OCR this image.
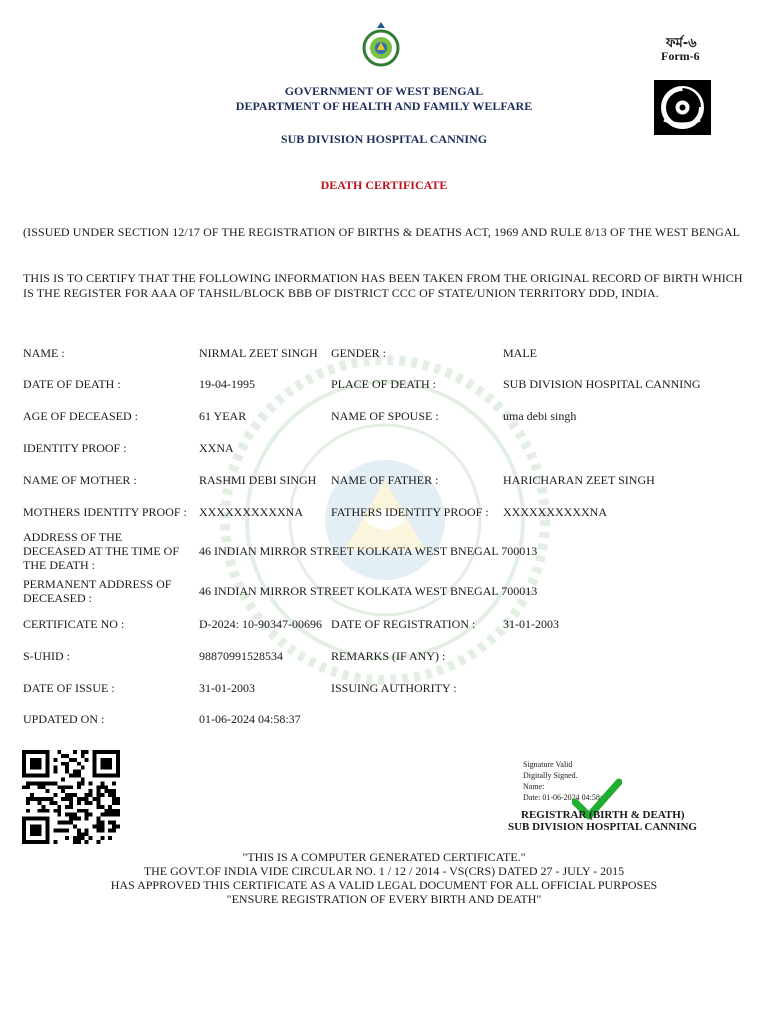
ফর্ম-৬
Form-6
GOVERNMENT OF WEST BENGAL
DEPARTMENT OF HEALTH AND FAMILY WELFARE
SUB DIVISION HOSPITAL CANNING
DEATH CERTIFICATE
(ISSUED UNDER SECTION 12/17 OF THE REGISTRATION OF BIRTHS & DEATHS ACT, 1969 AND RULE 8/13 OF THE WEST BENGAL
THIS IS TO CERTIFY THAT THE FOLLOWING INFORMATION HAS BEEN TAKEN FROM THE ORIGINAL RECORD OF BIRTH WHICH IS THE REGISTER FOR AAA OF TAHSIL/BLOCK BBB OF DISTRICT CCC OF STATE/UNION TERRITORY DDD, INDIA.
NAME :	NIRMAL ZEET SINGH GENDER :	MALE
DATE OF DEATH :	19-04-1995	PLACE OF DEATH :	SUB DIVISION HOSPITAL CANNING
AGE OF DECEASED :	61 YEAR	NAME OF SPOUSE :	uma debi singh
IDENTITY PROOF :	XXNA
NAME OF MOTHER :	RASHMI DEBI SINGH NAME OF FATHER :	HARICHARAN ZEET SINGH
MOTHERS IDENTITY PROOF : XXXXXXXXXXNA FATHERS IDENTITY PROOF : XXXXXXXXXXNA
ADDRESS OF THE DECEASED AT THE TIME OF THE DEATH :
46 INDIAN MIRROR STREET KOLKATA WEST BNEGAL 700013
PERMANENT ADDRESS OF DECEASED :	46 INDIAN MIRROR STREET KOLKATA WEST BNEGAL 700013
CERTIFICATE NO :	D-2024: 10-90347-00696 DATE OF REGISTRATION : 31-01-2003
S-UHID :	98870991528534	REMARKS (IF ANY) :
DATE OF ISSUE :	31-01-2003	ISSUING AUTHORITY :
UPDATED ON :	01-06-2024 04:58:37
Signature Valid
Digitally Signed.
Name:
Date: 01-06-2024 04:58:37
REGISTRAR (BIRTH & DEATH)
SUB DIVISION HOSPITAL CANNING
"THIS IS A COMPUTER GENERATED CERTIFICATE."
THE GOVT.OF INDIA VIDE CIRCULAR NO. 1 / 12 / 2014 - VS(CRS) DATED 27 - JULY - 2015
HAS APPROVED THIS CERTIFICATE AS A VALID LEGAL DOCUMENT FOR ALL OFFICIAL PURPOSES
"ENSURE REGISTRATION OF EVERY BIRTH AND DEATH"
